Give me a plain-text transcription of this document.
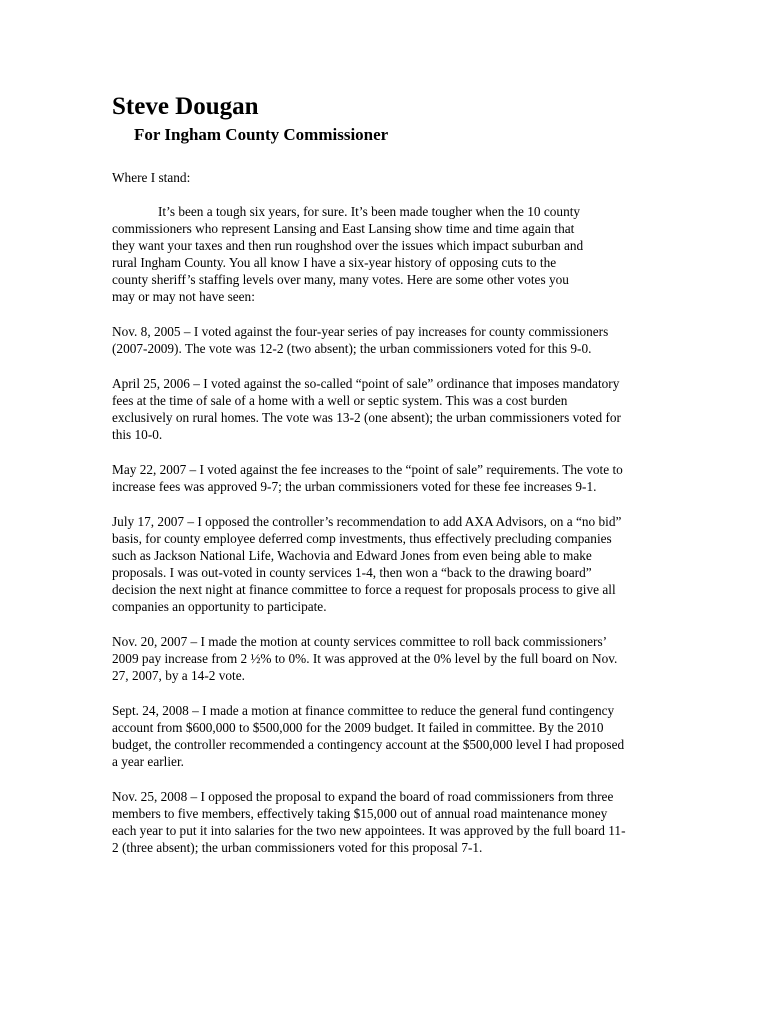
Steve Dougan
For Ingham County Commissioner
Where I stand:
It’s been a tough six years, for sure. It’s been made tougher when the 10 county
commissioners who represent Lansing and East Lansing show time and time again that
they want your taxes and then run roughshod over the issues which impact suburban and
rural Ingham County. You all know I have a six-year history of opposing cuts to the
county sheriff’s staffing levels over many, many votes. Here are some other votes you
may or may not have seen:
Nov. 8, 2005 – I voted against the four-year series of pay increases for county commissioners
(2007-2009). The vote was 12-2 (two absent); the urban commissioners voted for this 9-0.
April 25, 2006 – I voted against the so-called “point of sale” ordinance that imposes mandatory
fees at the time of sale of a home with a well or septic system. This was a cost burden
exclusively on rural homes. The vote was 13-2 (one absent); the urban commissioners voted for
this 10-0.
May 22, 2007 – I voted against the fee increases to the “point of sale” requirements. The vote to
increase fees was approved 9-7; the urban commissioners voted for these fee increases 9-1.
July 17, 2007 – I opposed the controller’s recommendation to add AXA Advisors, on a “no bid”
basis, for county employee deferred comp investments, thus effectively precluding companies
such as Jackson National Life, Wachovia and Edward Jones from even being able to make
proposals. I was out-voted in county services 1-4, then won a “back to the drawing board”
decision the next night at finance committee to force a request for proposals process to give all
companies an opportunity to participate.
Nov. 20, 2007 – I made the motion at county services committee to roll back commissioners’
2009 pay increase from 2 ½% to 0%. It was approved at the 0% level by the full board on Nov.
27, 2007, by a 14-2 vote.
Sept. 24, 2008 – I made a motion at finance committee to reduce the general fund contingency
account from $600,000 to $500,000 for the 2009 budget. It failed in committee. By the 2010
budget, the controller recommended a contingency account at the $500,000 level I had proposed
a year earlier.
Nov. 25, 2008 – I opposed the proposal to expand the board of road commissioners from three
members to five members, effectively taking $15,000 out of annual road maintenance money
each year to put it into salaries for the two new appointees. It was approved by the full board 11-
2 (three absent); the urban commissioners voted for this proposal 7-1.
